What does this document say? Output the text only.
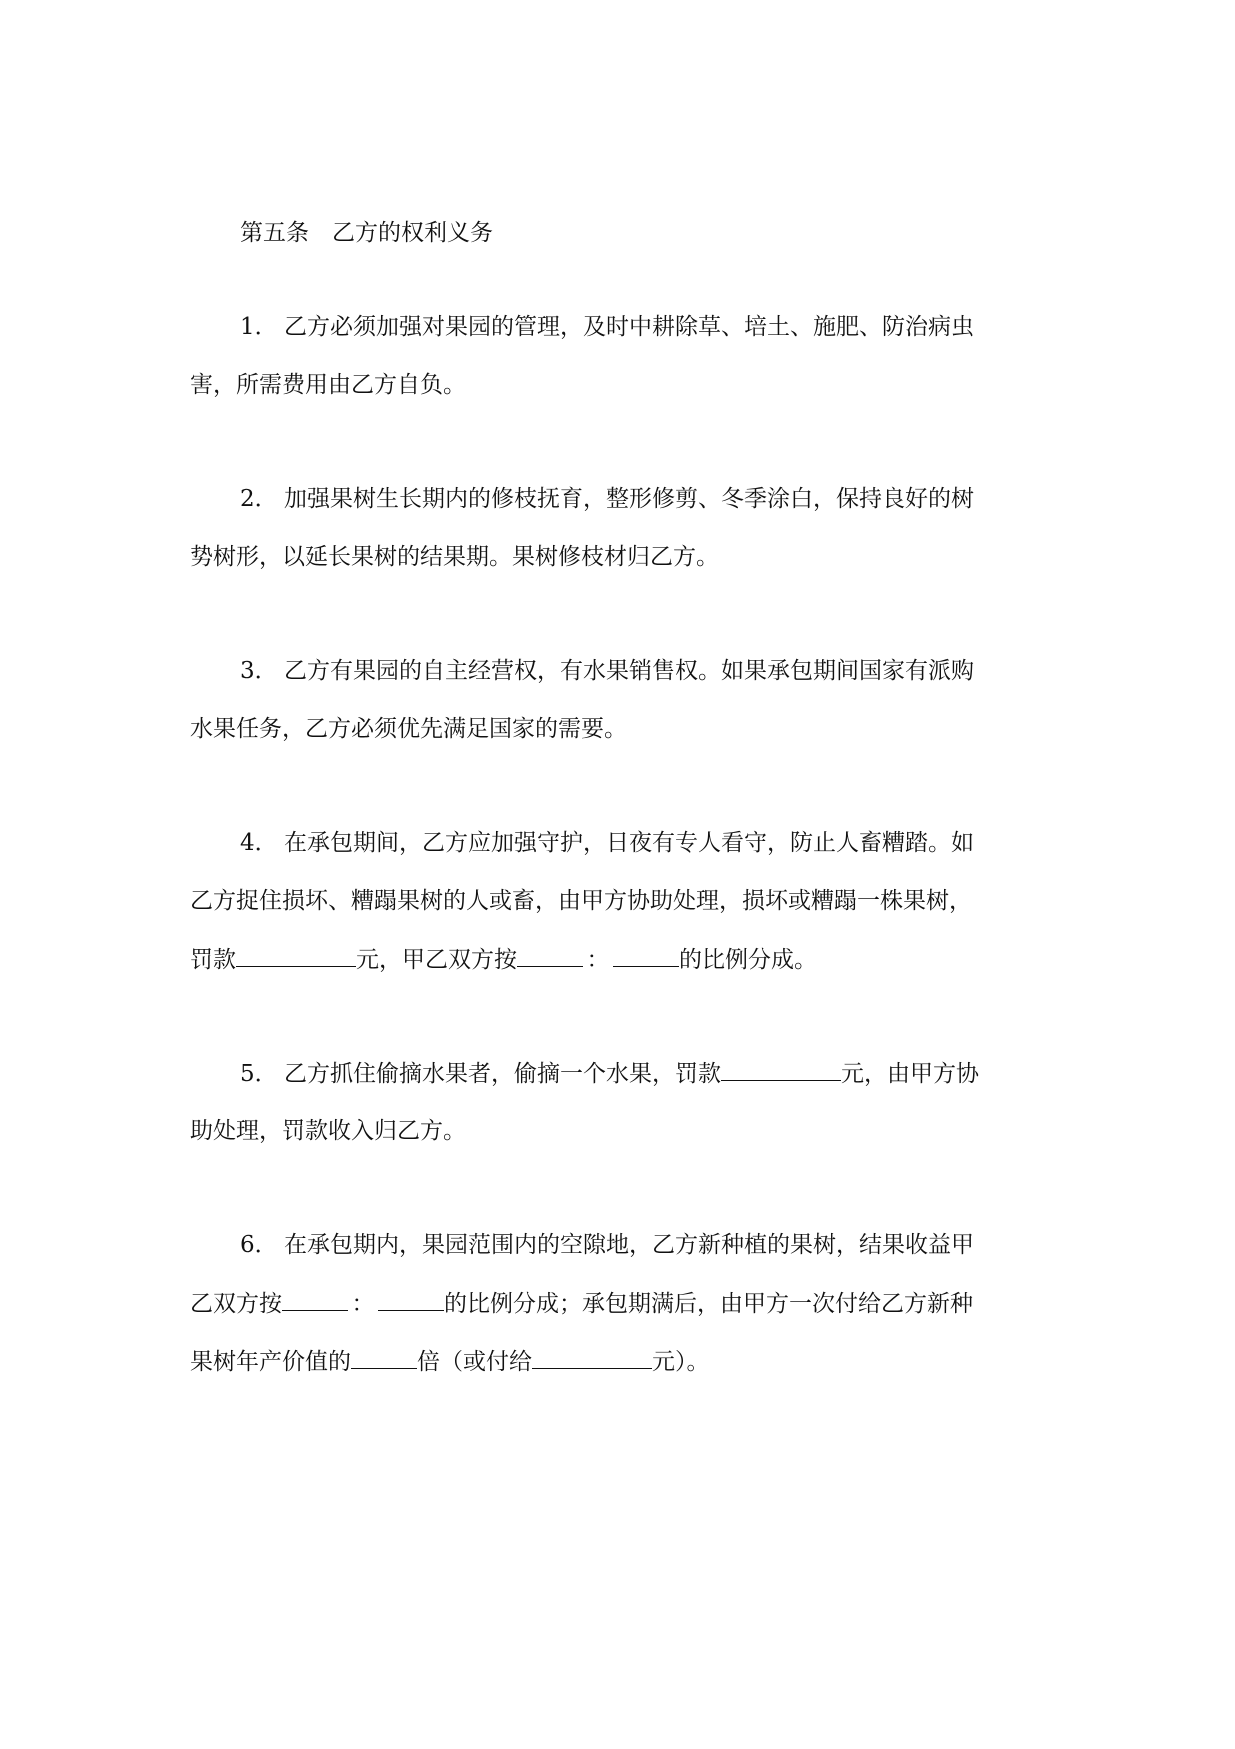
第五条　乙方的权利义务
1． 乙方必须加强对果园的管理，及时中耕除草、培土、施肥、防治病虫
害，所需费用由乙方自负。
2． 加强果树生长期内的修枝抚育，整形修剪、冬季涂白，保持良好的树
势树形，以延长果树的结果期。果树修枝材归乙方。
3． 乙方有果园的自主经营权，有水果销售权。如果承包期间国家有派购
水果任务，乙方必须优先满足国家的需要。
4． 在承包期间，乙方应加强守护，日夜有专人看守，防止人畜糟踏。如
乙方捉住损坏、糟蹋果树的人或畜，由甲方协助处理，损坏或糟蹋一株果树，
罚款	元，甲乙双方按	：	的比例分成。
5． 乙方抓住偷摘水果者，偷摘一个水果，罚款	元，由甲方协
助处理，罚款收入归乙方。
6． 在承包期内，果园范围内的空隙地，乙方新种植的果树，结果收益甲
乙双方按	：	的比例分成；承包期满后，由甲方一次付给乙方新种
果树年产价值的	倍（或付给	元）。
